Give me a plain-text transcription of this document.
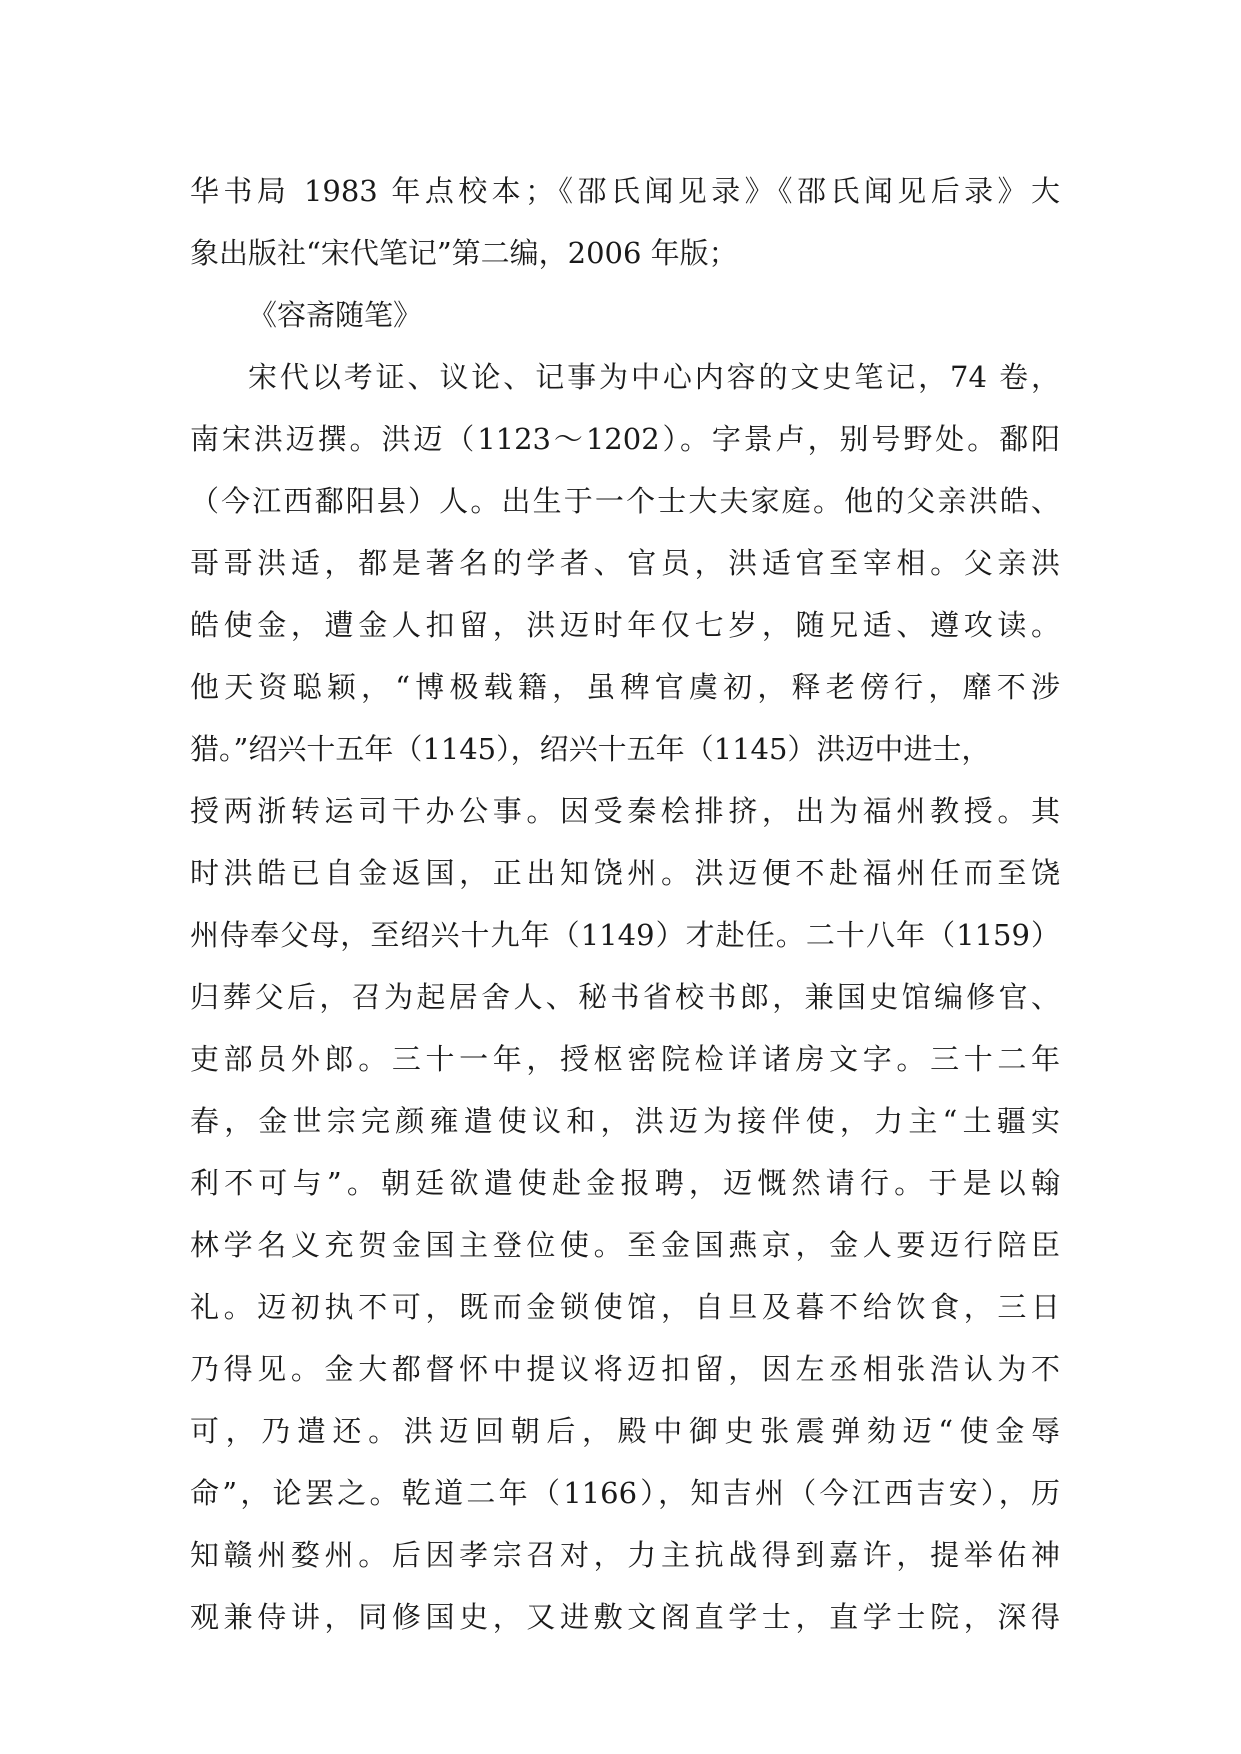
华书局 1983 年点校本；《邵氏闻见录》《邵氏闻见后录》大
象出版社“宋代笔记”第二编，2006 年版；
《容斋随笔》
宋代以考证、议论、记事为中心内容的文史笔记，74 卷，
南宋洪迈撰。洪迈（1123～1202）。字景卢，别号野处。鄱阳
（今江西鄱阳县）人。出生于一个士大夫家庭。他的父亲洪皓、
哥哥洪适，都是著名的学者、官员，洪适官至宰相。父亲洪
皓使金，遭金人扣留，洪迈时年仅七岁，随兄适、遵攻读。
他天资聪颖，“博极载籍，虽稗官虞初，释老傍行，靡不涉
猎。”绍兴十五年（1145），绍兴十五年（1145）洪迈中进士，
授两浙转运司干办公事。因受秦桧排挤，出为福州教授。其
时洪皓已自金返国，正出知饶州。洪迈便不赴福州任而至饶
州侍奉父母，至绍兴十九年（1149）才赴任。二十八年（1159）
归葬父后，召为起居舍人、秘书省校书郎，兼国史馆编修官、
吏部员外郎。三十一年，授枢密院检详诸房文字。三十二年
春，金世宗完颜雍遣使议和，洪迈为接伴使，力主“土疆实
利不可与”。朝廷欲遣使赴金报聘，迈慨然请行。于是以翰
林学名义充贺金国主登位使。至金国燕京，金人要迈行陪臣
礼。迈初执不可，既而金锁使馆，自旦及暮不给饮食，三日
乃得见。金大都督怀中提议将迈扣留，因左丞相张浩认为不
可，乃遣还。洪迈回朝后，殿中御史张震弹劾迈“使金辱
命”，论罢之。乾道二年（1166），知吉州（今江西吉安），历
知赣州婺州。后因孝宗召对，力主抗战得到嘉许，提举佑神
观兼侍讲，同修国史，又进敷文阁直学士，直学士院，深得
